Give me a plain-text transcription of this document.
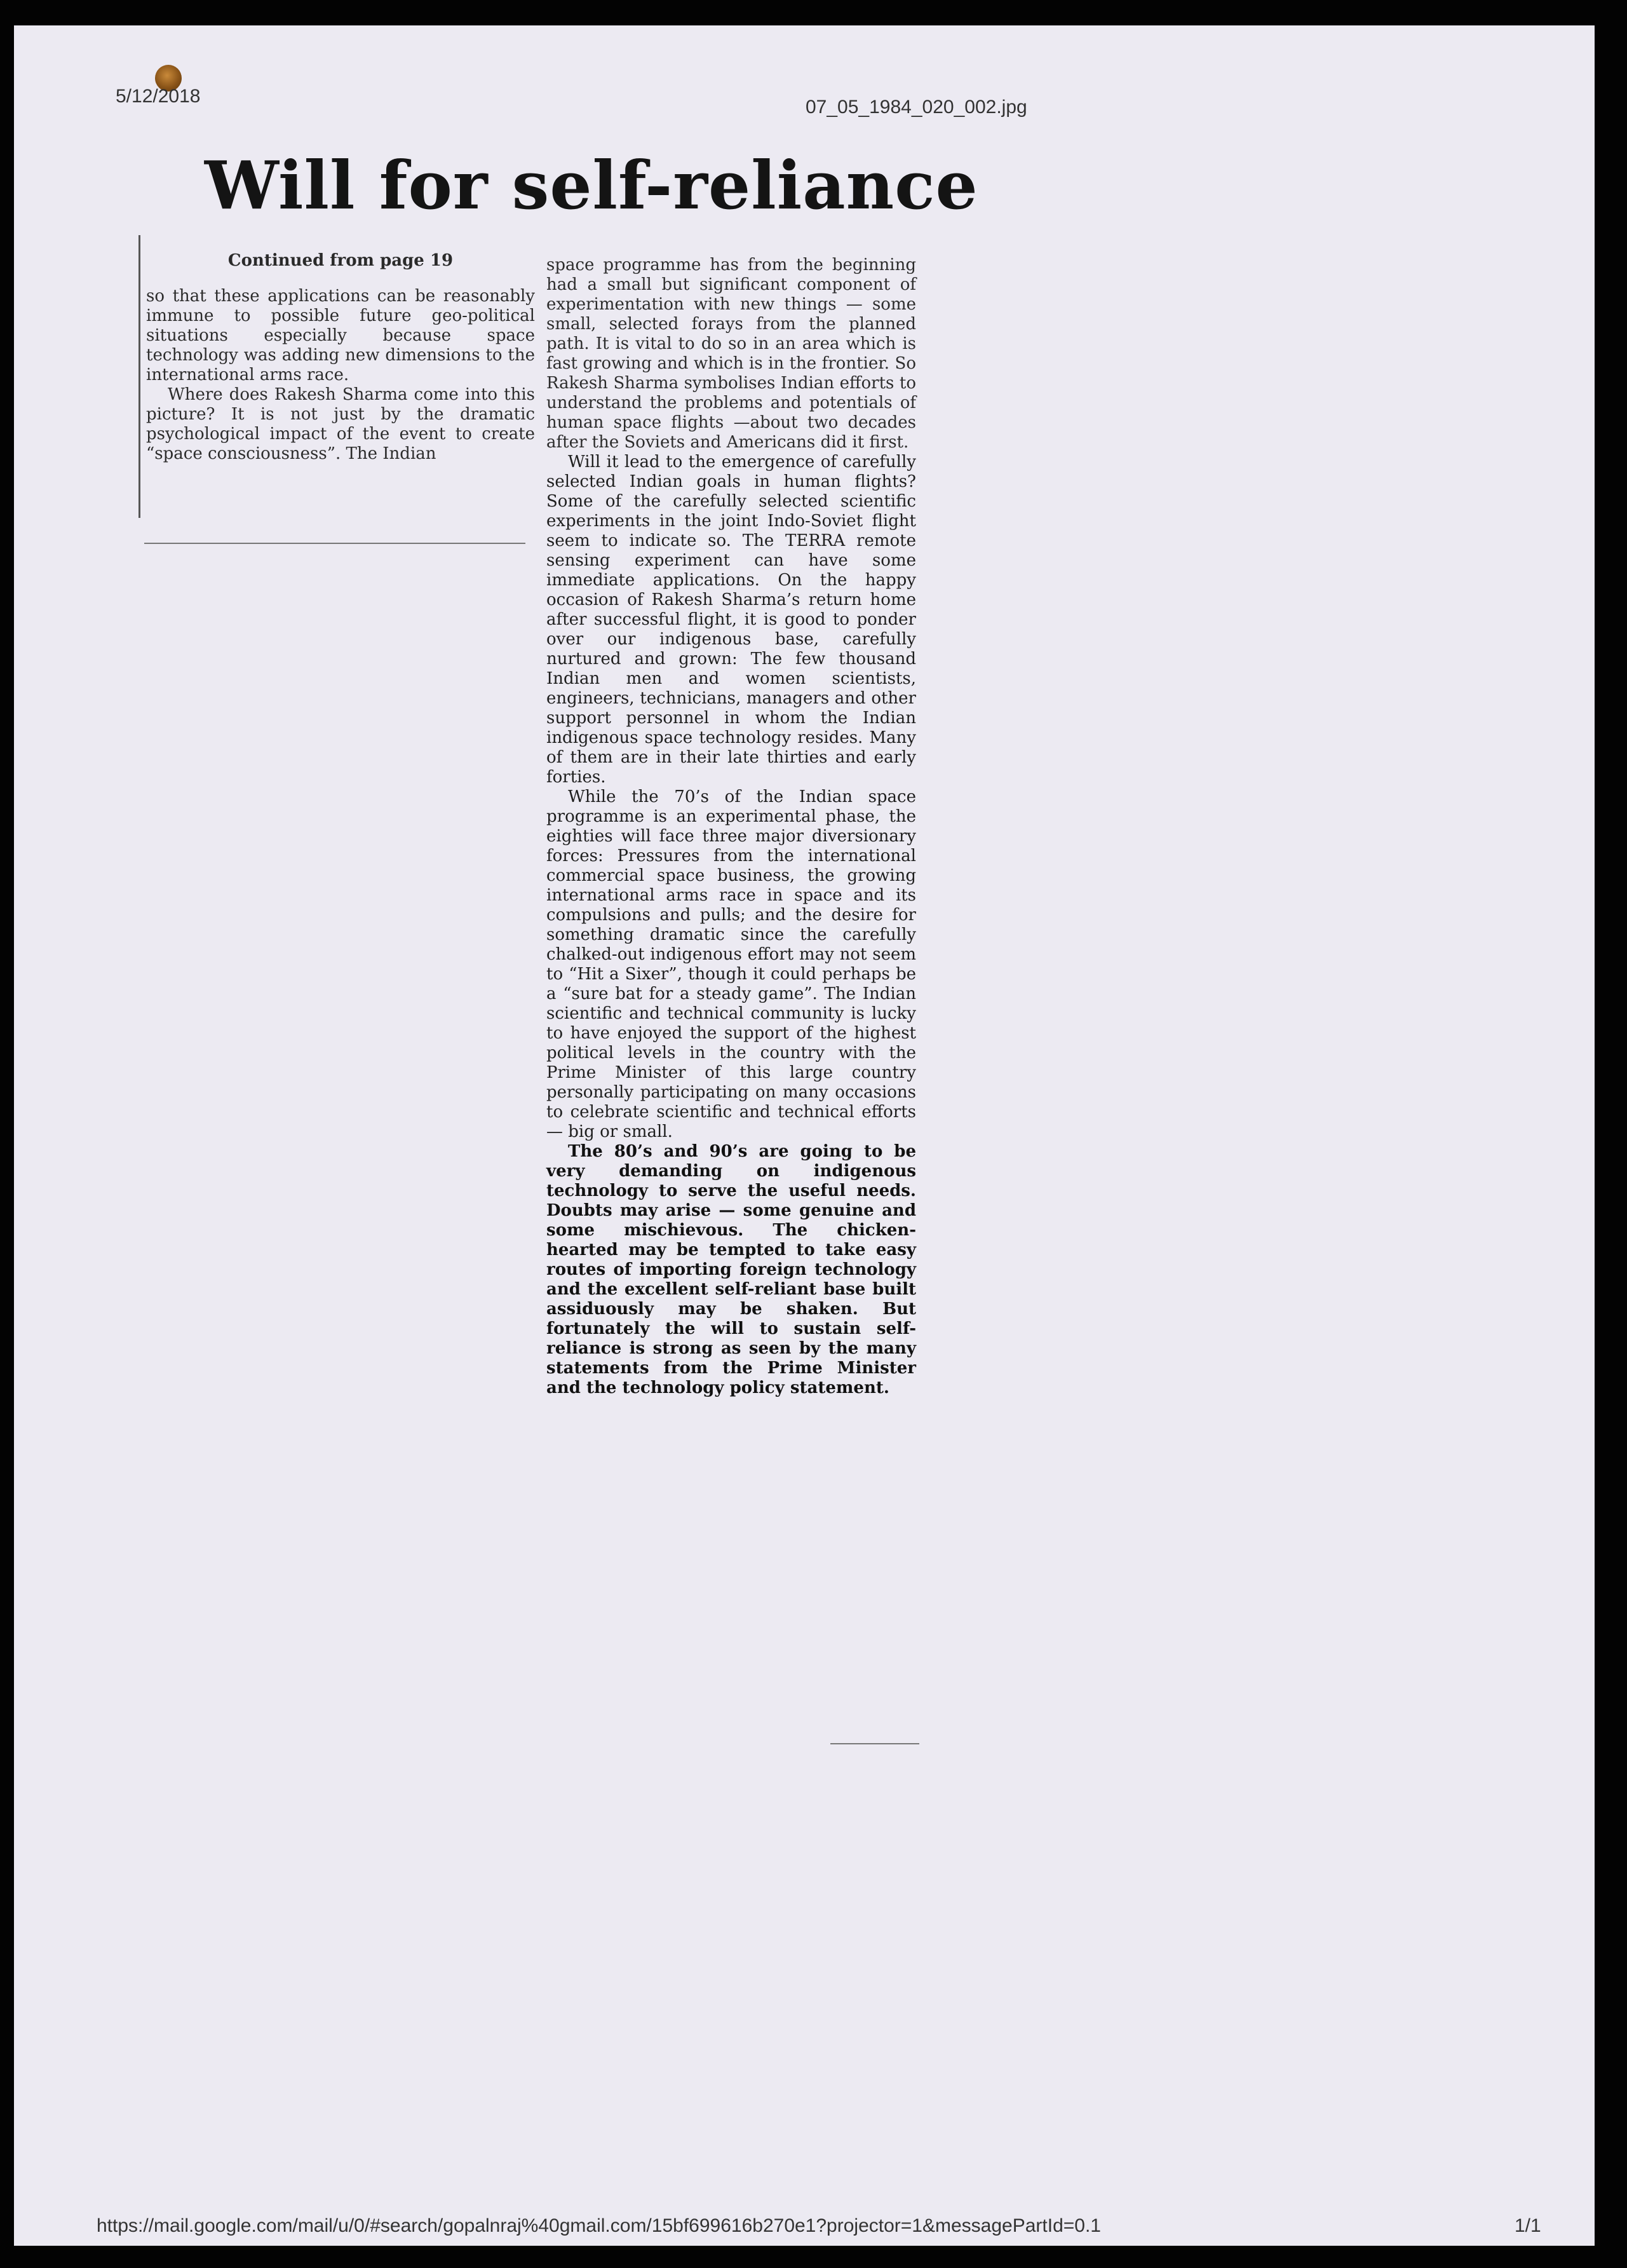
5/12/2018
07_05_1984_020_002.jpg
Will for self-reliance
Continued from page 19

so that these applications can be reasonably immune to possible future geo-political situations especially because space technology was adding new dimensions to the international arms race.

Where does Rakesh Sharma come into this picture? It is not just by the dramatic psychological impact of the event to create “space consciousness”. The Indian

space programme has from the beginning had a small but significant component of experimentation with new things — some small, selected forays from the planned path. It is vital to do so in an area which is fast growing and which is in the frontier. So Rakesh Sharma symbolises Indian efforts to understand the problems and potentials of human space flights —about two decades after the Soviets and Americans did it first.

Will it lead to the emergence of carefully selected Indian goals in human flights? Some of the carefully selected scientific experiments in the joint Indo-Soviet flight seem to indicate so. The TERRA remote sensing experiment can have some immediate applications. On the happy occasion of Rakesh Sharma’s return home after successful flight, it is good to ponder over our indigenous base, carefully nurtured and grown: The few thousand Indian men and women scientists, engineers, technicians, managers and other support personnel in whom the Indian indigenous space technology resides. Many of them are in their late thirties and early forties.

While the 70’s of the Indian space programme is an experimental phase, the eighties will face three major diversionary forces: Pressures from the international commercial space business, the growing international arms race in space and its compulsions and pulls; and the desire for something dramatic since the carefully chalked-out indigenous effort may not seem to “Hit a Sixer”, though it could perhaps be a “sure bat for a steady game”. The Indian scientific and technical community is lucky to have enjoyed the support of the highest political levels in the country with the Prime Minister of this large country personally participating on many occasions to celebrate scientific and technical efforts — big or small.

The 80’s and 90’s are going to be very demanding on indigenous technology to serve the useful needs. Doubts may arise — some genuine and some mischievous. The chicken-hearted may be tempted to take easy routes of importing foreign technology and the excellent self-reliant base built assiduously may be shaken. But fortunately the will to sustain self-reliance is strong as seen by the many statements from the Prime Minister and the technology policy statement.

https://mail.google.com/mail/u/0/#search/gopalnraj%40gmail.com/15bf699616b270e1?projector=1&messagePartId=0.1	1/1
